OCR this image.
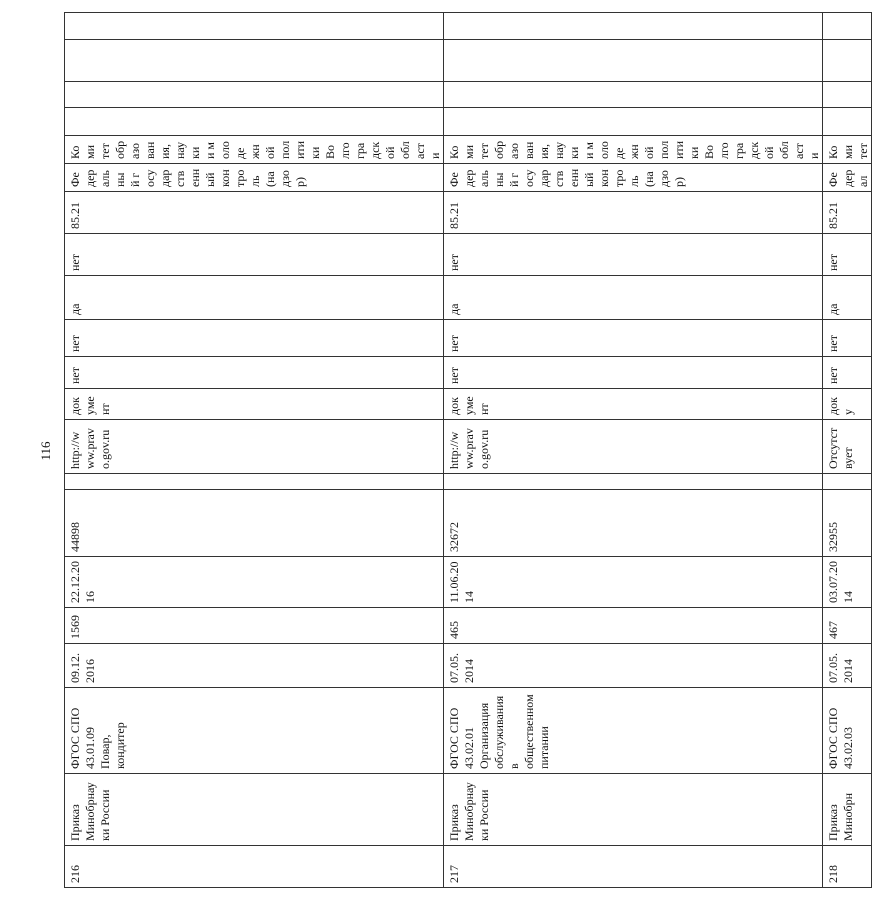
116
216	Приказ Минобрнауки России	ФГОС СПО 43.01.09 Повар, кондитер	09.12.2016	1569	22.12.2016	44898		http://www.pravo.gov.ru	документ	нет	нет	да	нет	85.21	Федеральный государственный контроль (надзор)	Комитет образования, науки и молодежной политики Волгоградской области				
217	Приказ Минобрнауки России	ФГОС СПО 43.02.01 Организация обслуживания в общественном питании	07.05.2014	465	11.06.2014	32672		http://www.pravo.gov.ru	документ	нет	нет	да	нет	85.21	Федеральный государственный контроль (надзор)	Комитет образования, науки и молодежной политики Волгоградской области				
218	Приказ Минобрн	ФГОС СПО 43.02.03	07.05.2014	467	03.07.2014	32955		Отсутствует	доку	нет	нет	да	нет	85.21	Федерал	Комитет				
